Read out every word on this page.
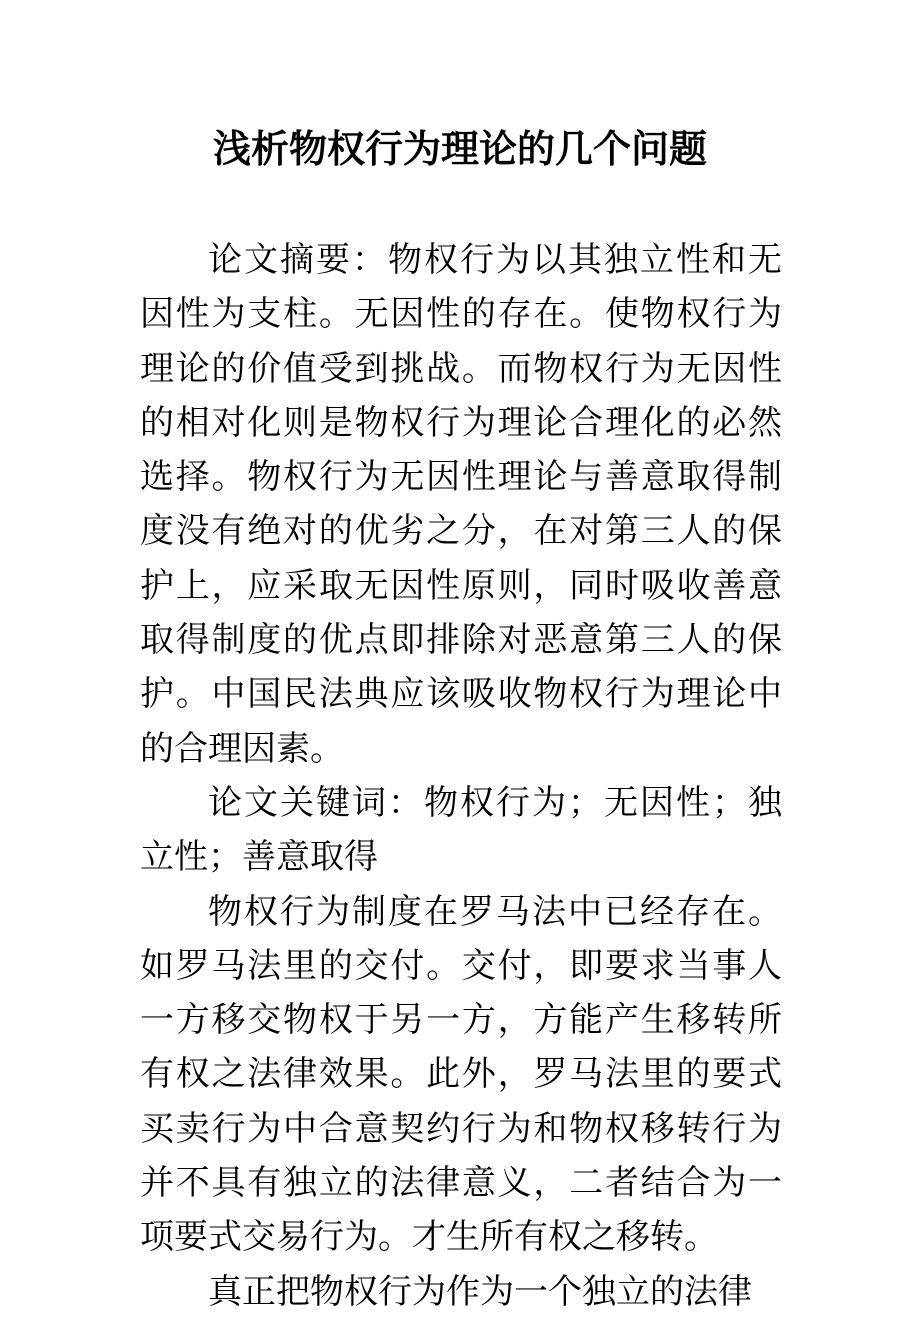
浅析物权行为理论的几个问题

论文摘要：物权行为以其独立性和无因性为支柱。无因性的存在。使物权行为理论的价值受到挑战。而物权行为无因性的相对化则是物权行为理论合理化的必然选择。物权行为无因性理论与善意取得制度没有绝对的优劣之分，在对第三人的保护上，应采取无因性原则，同时吸收善意取得制度的优点即排除对恶意第三人的保护。中国民法典应该吸收物权行为理论中的合理因素。

论文关键词：物权行为；无因性；独立性；善意取得

物权行为制度在罗马法中已经存在。如罗马法里的交付。交付，即要求当事人一方移交物权于另一方，方能产生移转所有权之法律效果。此外，罗马法里的要式买卖行为中合意契约行为和物权移转行为并不具有独立的法律意义，二者结合为一项要式交易行为。才生所有权之移转。

真正把物权行为作为一个独立的法律
